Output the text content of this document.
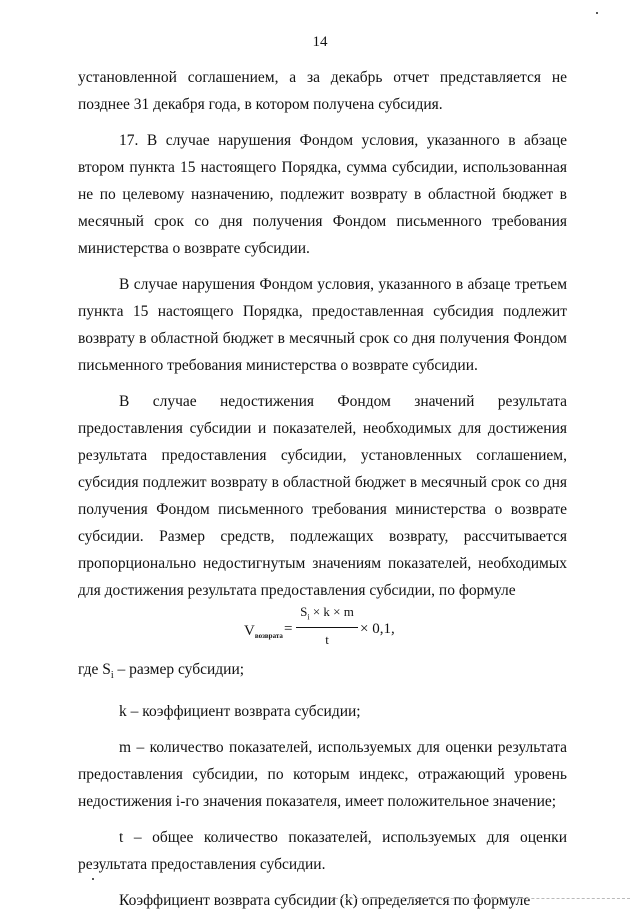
14

установленной соглашением, а за декабрь отчет представляется не позднее 31 декабря года, в котором получена субсидия.

17. В случае нарушения Фондом условия, указанного в абзаце втором пункта 15 настоящего Порядка, сумма субсидии, использованная не по целевому назначению, подлежит возврату в областной бюджет в месячный срок со дня получения Фондом письменного требования министерства о возврате субсидии.

В случае нарушения Фондом условия, указанного в абзаце третьем пункта 15 настоящего Порядка, предоставленная субсидия подлежит возврату в областной бюджет в месячный срок со дня получения Фондом письменного требования министерства о возврате субсидии.

В случае недостижения Фондом значений результата предоставления субсидии и показателей, необходимых для достижения результата предоставления субсидии, установленных соглашением, субсидия подлежит возврату в областной бюджет в месячный срок со дня получения Фондом письменного требования министерства о возврате субсидии. Размер средств, подлежащих возврату, рассчитывается пропорционально недостигнутым значениям показателей, необходимых для достижения результата предоставления субсидии, по формуле

$V_{возврата} = \frac{S_i \times k \times m}{t} \times 0,1$,

где $S_i$ – размер субсидии;

k – коэффициент возврата субсидии;

m – количество показателей, используемых для оценки результата предоставления субсидии, по которым индекс, отражающий уровень недостижения i-го значения показателя, имеет положительное значение;

t – общее количество показателей, используемых для оценки результата предоставления субсидии.

Коэффициент возврата субсидии (k) определяется по формуле
